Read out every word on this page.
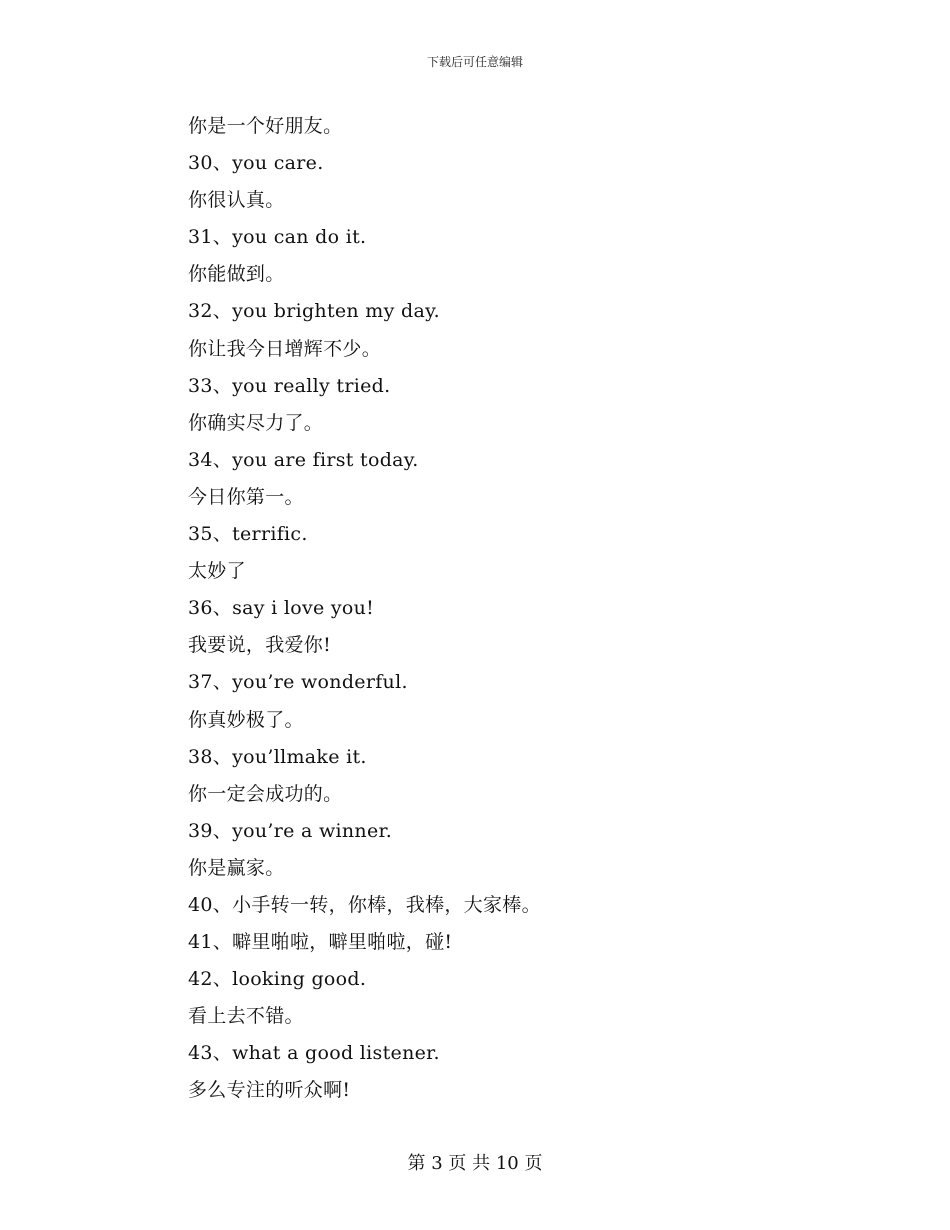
下载后可任意编辑
你是一个好朋友。
30、you care.
你很认真。
31、you can do it.
你能做到。
32、you brighten my day.
你让我今日增辉不少。
33、you really tried.
你确实尽力了。
34、you are first today.
今日你第一。
35、terrific.
太妙了
36、say i love you!
我要说，我爱你!
37、you’re wonderful.
你真妙极了。
38、you’llmake it.
你一定会成功的。
39、you’re a winner.
你是赢家。
40、小手转一转，你棒，我棒，大家棒。
41、噼里啪啦，噼里啪啦，碰!
42、looking good.
看上去不错。
43、what a good listener.
多么专注的听众啊!
第 3 页 共 10 页
